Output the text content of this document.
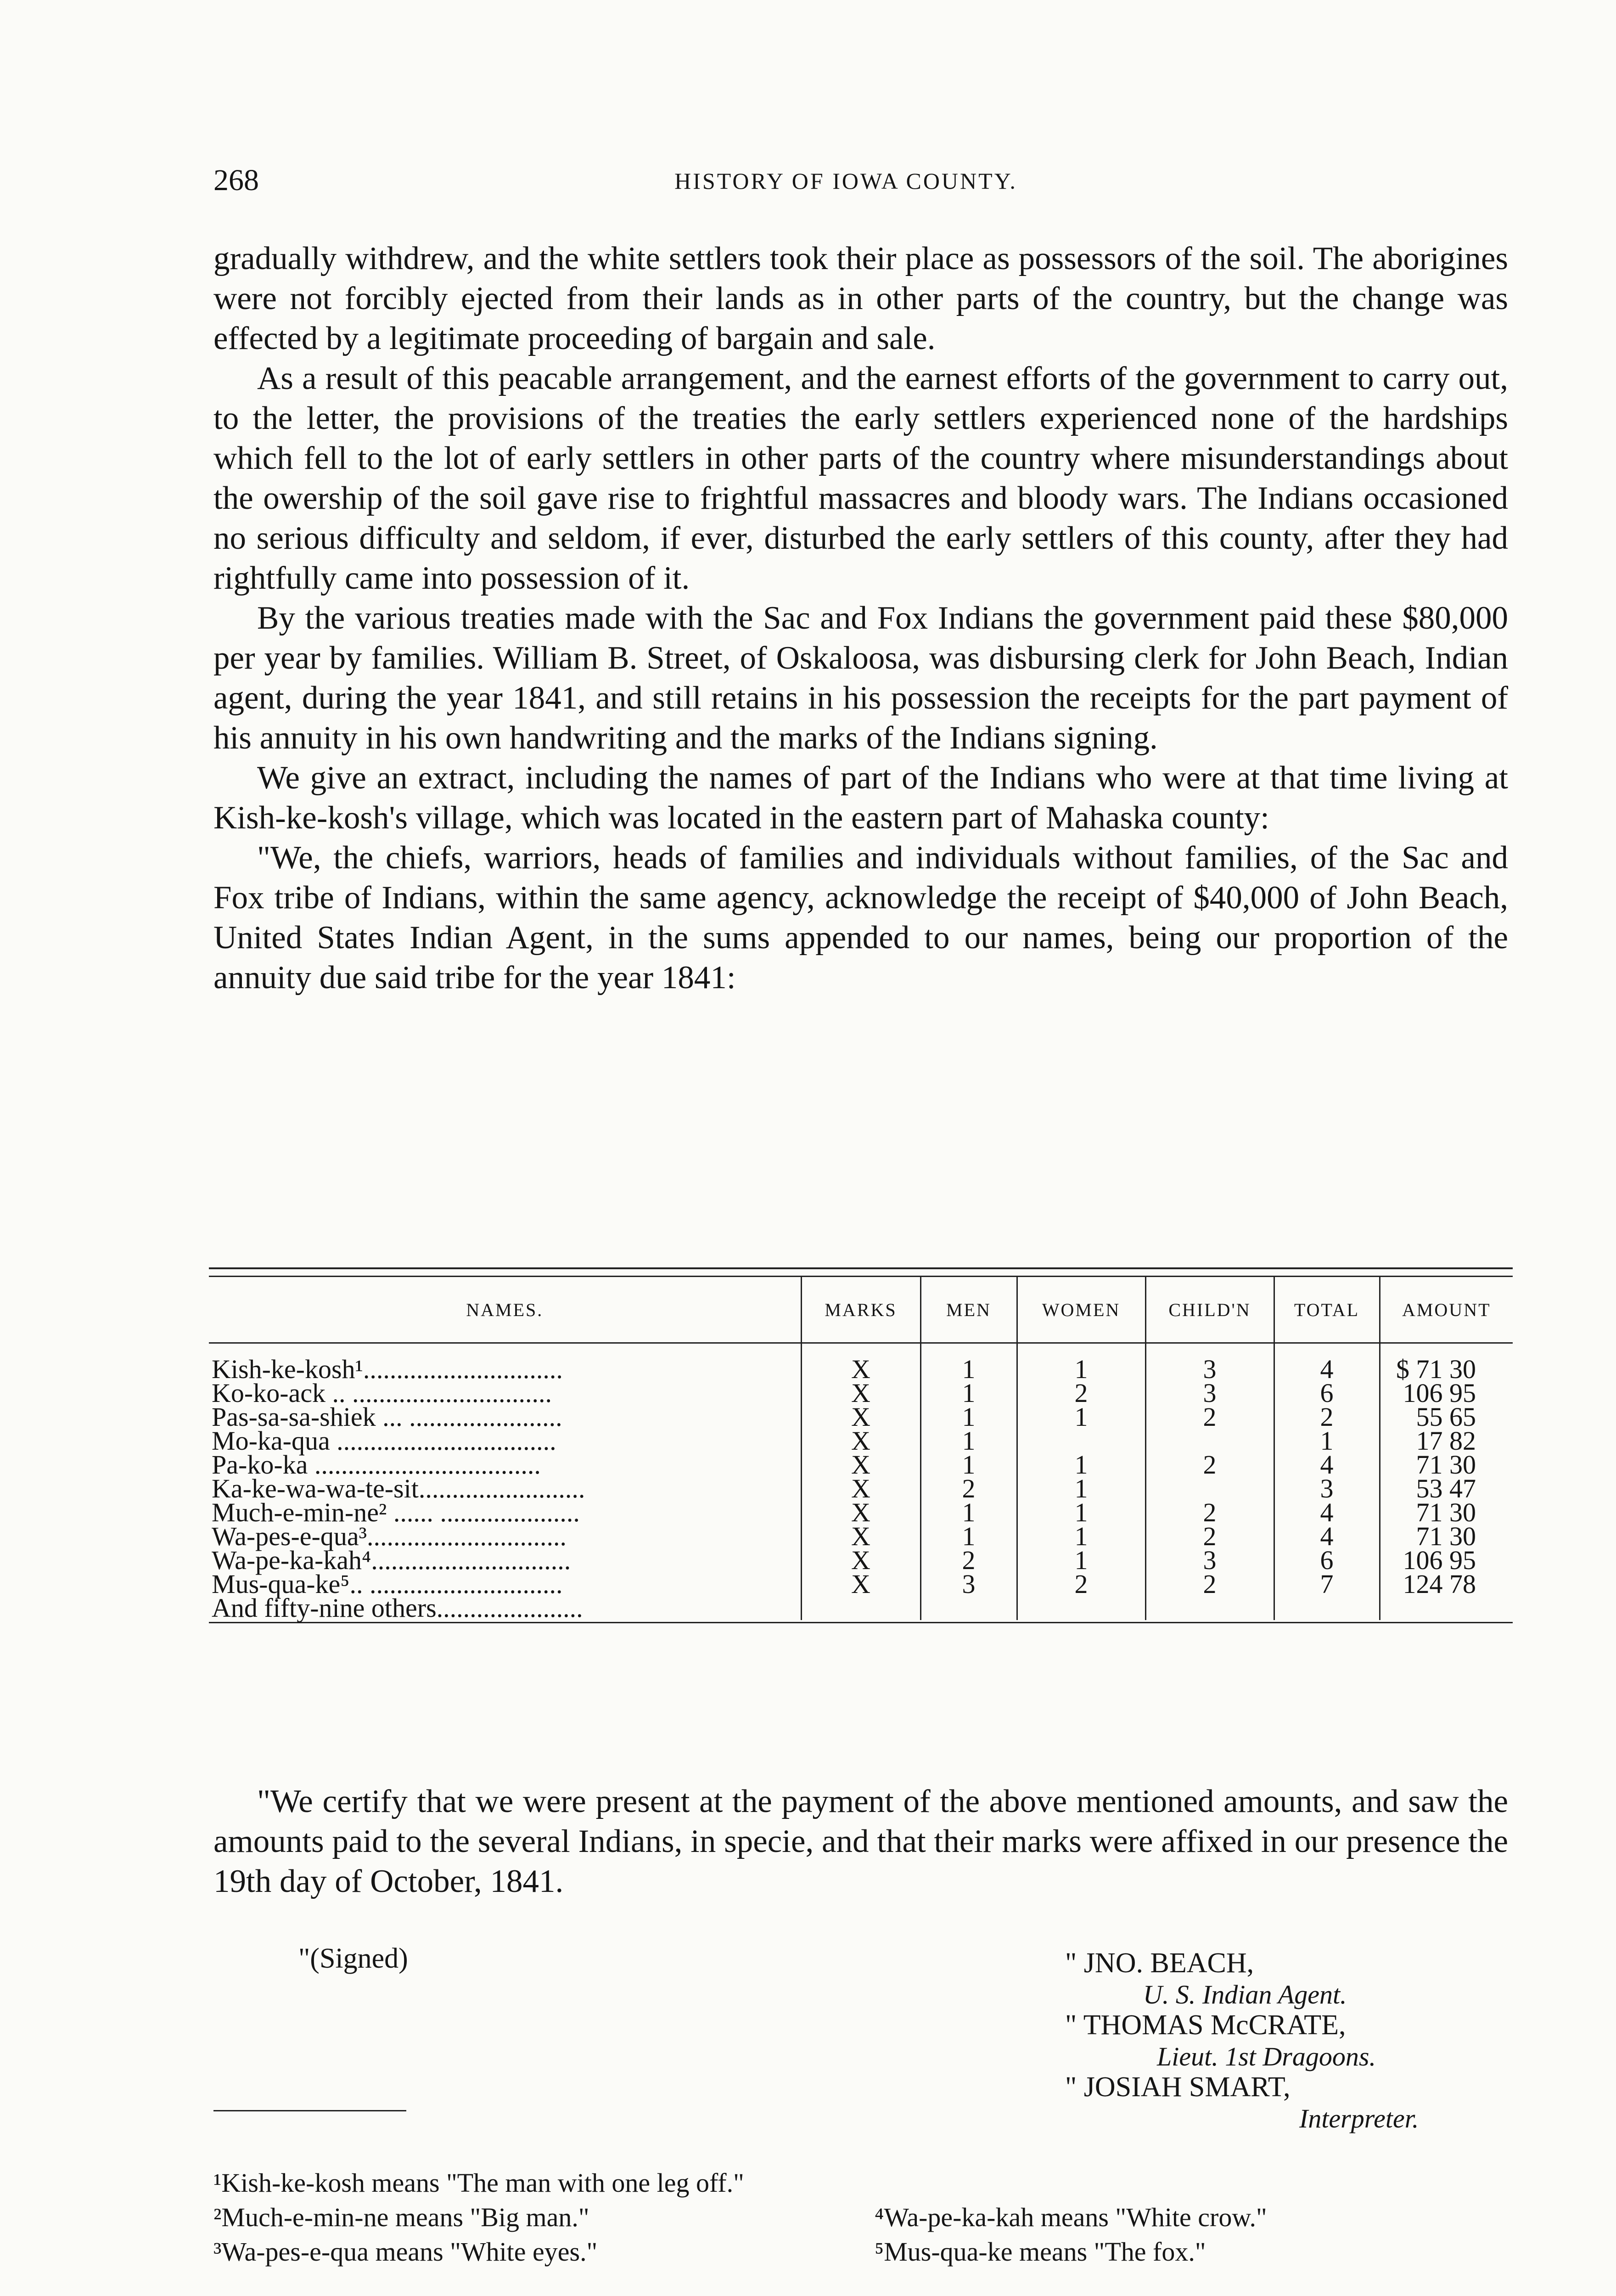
268	HISTORY OF IOWA COUNTY.

gradually withdrew, and the white settlers took their place as possessors of the soil. The aborigines were not forcibly ejected from their lands as in other parts of the country, but the change was effected by a legitimate proceeding of bargain and sale.

As a result of this peacable arrangement, and the earnest efforts of the government to carry out, to the letter, the provisions of the treaties the early settlers experienced none of the hardships which fell to the lot of early settlers in other parts of the country where misunderstandings about the owership of the soil gave rise to frightful massacres and bloody wars. The Indians occasioned no serious difficulty and seldom, if ever, disturbed the early settlers of this county, after they had rightfully came into possession of it.

By the various treaties made with the Sac and Fox Indians the government paid these $80,000 per year by families. William B. Street, of Oskaloosa, was disbursing clerk for John Beach, Indian agent, during the year 1841, and still retains in his possession the receipts for the part payment of his annuity in his own handwriting and the marks of the Indians signing.

We give an extract, including the names of part of the Indians who were at that time living at Kish-ke-kosh's village, which was located in the eastern part of Mahaska county:

"We, the chiefs, warriors, heads of families and individuals without families, of the Sac and Fox tribe of Indians, within the same agency, acknowledge the receipt of $40,000 of John Beach, United States Indian Agent, in the sums appended to our names, being our proportion of the annuity due said tribe for the year 1841:

NAMES.	MARKS	MEN	WOMEN	CHILD'N	TOTAL	AMOUNT
Kish-ke-kosh¹..............................	X	1	1	3	4	$ 71 30
Ko-ko-ack .. ..............................	X	1	2	3	6	106 95
Pas-sa-sa-shiek ... .......................	X	1	1	2	2	55 65
Mo-ka-qua .................................	X	1			1	17 82
Pa-ko-ka ..................................	X	1	1	2	4	71 30
Ka-ke-wa-wa-te-sit.........................	X	2	1		3	53 47
Much-e-min-ne² ...... .....................	X	1	1	2	4	71 30
Wa-pes-e-qua³..............................	X	1	1	2	4	71 30
Wa-pe-ka-kah⁴..............................	X	2	1	3	6	106 95
Mus-qua-ke⁵.. .............................	X	3	2	2	7	124 78
And fifty-nine others......................						
"We certify that we were present at the payment of the above mentioned amounts, and saw the amounts paid to the several Indians, in specie, and that their marks were affixed in our presence the 19th day of October, 1841.
"(Signed)	" JNO. BEACH,
U. S. Indian Agent.
" THOMAS McCRATE,
Lieut. 1st Dragoons.
" JOSIAH SMART,
Interpreter.
¹Kish-ke-kosh means "The man with one leg off."
²Much-e-min-ne means "Big man."
³Wa-pes-e-qua means "White eyes."
⁴Wa-pe-ka-kah means "White crow."
⁵Mus-qua-ke means "The fox."
